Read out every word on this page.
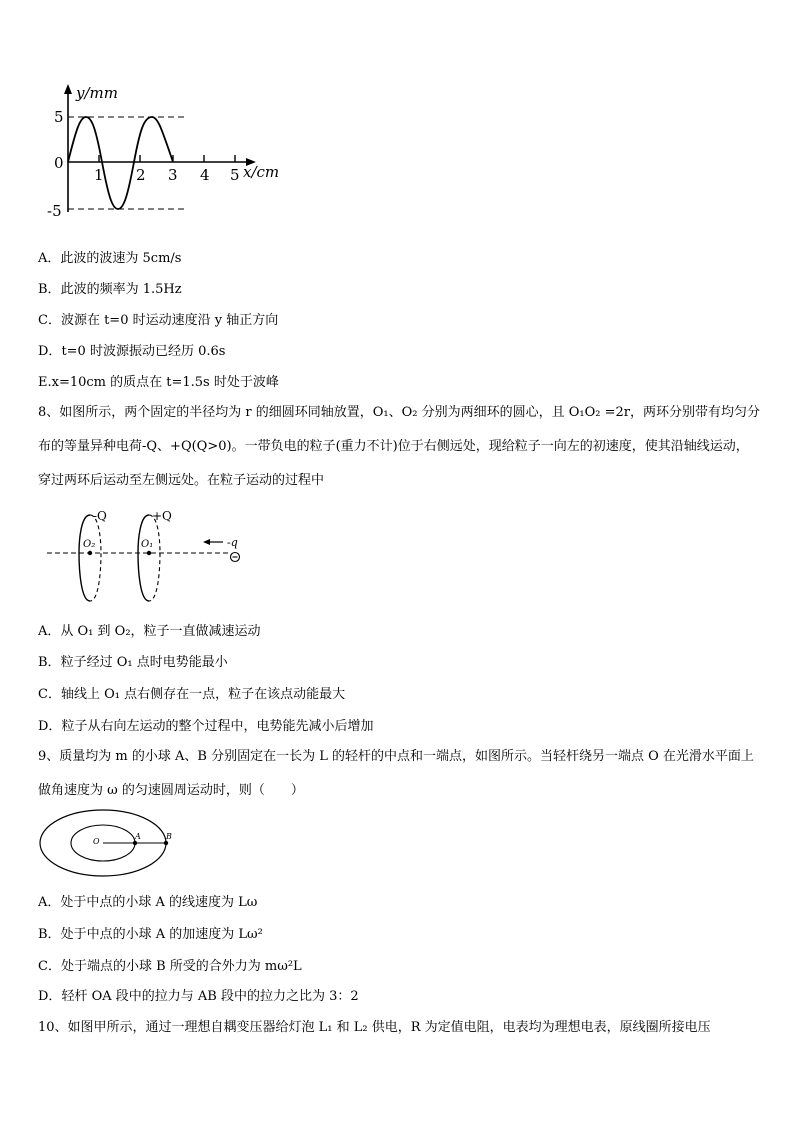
y/mm
5
0
-5
1 2 3 4 5 x/cm
A．此波的波速为 5cm/s
B．此波的频率为 1.5Hz
C．波源在 t=0 时运动速度沿 y 轴正方向
D．t=0 时波源振动已经历 0.6s
E.x=10cm 的质点在 t=1.5s 时处于波峰
8、如图所示，两个固定的半径均为 r 的细圆环同轴放置，O₁、O₂ 分别为两细环的圆心，且 O₁O₂ =2r，两环分别带有均匀分布的等量异种电荷-Q、+Q(Q>0)。一带负电的粒子(重力不计)位于右侧远处，现给粒子一向左的初速度，使其沿轴线运动，穿过两环后运动至左侧远处。在粒子运动的过程中
-Q
O₂
+Q
O₁	-q
A．从 O₁ 到 O₂，粒子一直做减速运动
B．粒子经过 O₁ 点时电势能最小
C．轴线上 O₁ 点右侧存在一点，粒子在该点动能最大
D．粒子从右向左运动的整个过程中，电势能先减小后增加
9、质量均为 m 的小球 A、B 分别固定在一长为 L 的轻杆的中点和一端点，如图所示。当轻杆绕另一端点 O 在光滑水平面上做角速度为 ω 的匀速圆周运动时，则（　　）
O
A	B
A．处于中点的小球 A 的线速度为 Lω
B．处于中点的小球 A 的加速度为 Lω²
C．处于端点的小球 B 所受的合外力为 mω²L
D．轻杆 OA 段中的拉力与 AB 段中的拉力之比为 3：2
10、如图甲所示，通过一理想自耦变压器给灯泡 L₁ 和 L₂ 供电，R 为定值电阻，电表均为理想电表，原线圈所接电压
